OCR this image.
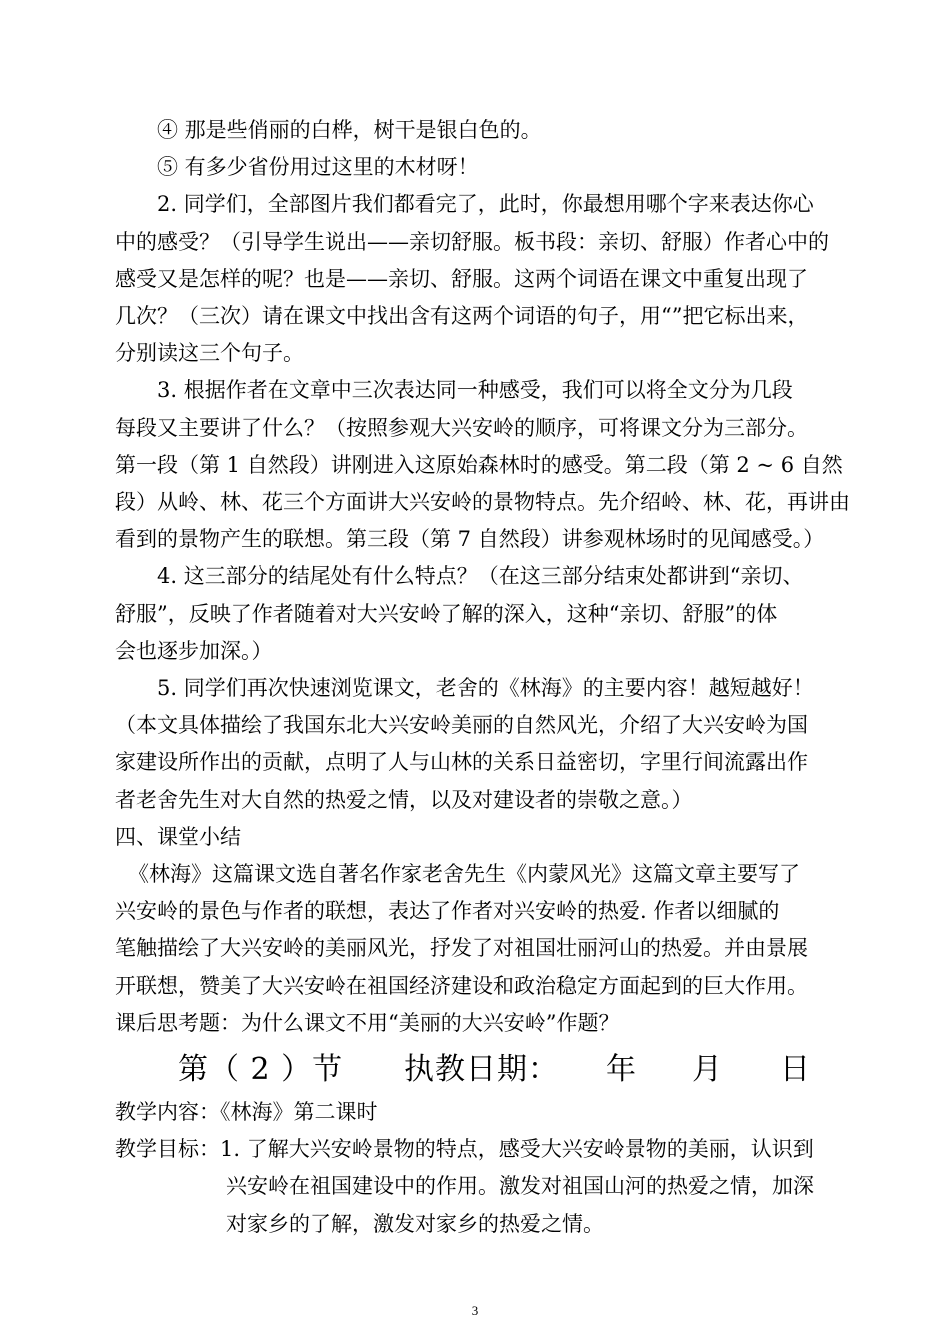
④ 那是些俏丽的白桦，树干是银白色的。

⑤ 有多少省份用过这里的木材呀！

2. 同学们，全部图片我们都看完了，此时，你最想用哪个字来表达你心

中的感受？（引导学生说出——亲切舒服。板书段：亲切、舒服）作者心中的

感受又是怎样的呢？也是——亲切、舒服。这两个词语在课文中重复出现了

几次？（三次）请在课文中找出含有这两个词语的句子，用“”把它标出来，

分别读这三个句子。

3. 根据作者在文章中三次表达同一种感受，我们可以将全文分为几段

每段又主要讲了什么？（按照参观大兴安岭的顺序，可将课文分为三部分。

第一段（第 1 自然段）讲刚进入这原始森林时的感受。第二段（第 2 ~ 6 自然

段）从岭、林、花三个方面讲大兴安岭的景物特点。先介绍岭、林、花，再讲由

看到的景物产生的联想。第三段（第 7 自然段）讲参观林场时的见闻感受。）

4. 这三部分的结尾处有什么特点？（在这三部分结束处都讲到“亲切、

舒服”，反映了作者随着对大兴安岭了解的深入，这种“亲切、舒服”的体

会也逐步加深。）

5. 同学们再次快速浏览课文，老舍的《林海》的主要内容！越短越好！

（本文具体描绘了我国东北大兴安岭美丽的自然风光，介绍了大兴安岭为国

家建设所作出的贡献，点明了人与山林的关系日益密切，字里行间流露出作

者老舍先生对大自然的热爱之情，以及对建设者的崇敬之意。）

四、课堂小结

《林海》这篇课文选自著名作家老舍先生《内蒙风光》这篇文章主要写了

兴安岭的景色与作者的联想，表达了作者对兴安岭的热爱. 作者以细腻的

笔触描绘了大兴安岭的美丽风光，抒发了对祖国壮丽河山的热爱。并由景展

开联想，赞美了大兴安岭在祖国经济建设和政治稳定方面起到的巨大作用。

课后思考题：为什么课文不用“美丽的大兴安岭”作题？

第（ 2 ）节 执教日期： 年 月 日

3

教学内容：《林海》第二课时

教学目标：1. 了解大兴安岭景物的特点，感受大兴安岭景物的美丽，认识到

兴安岭在祖国建设中的作用。激发对祖国山河的热爱之情，加深

对家乡的了解，激发对家乡的热爱之情。
